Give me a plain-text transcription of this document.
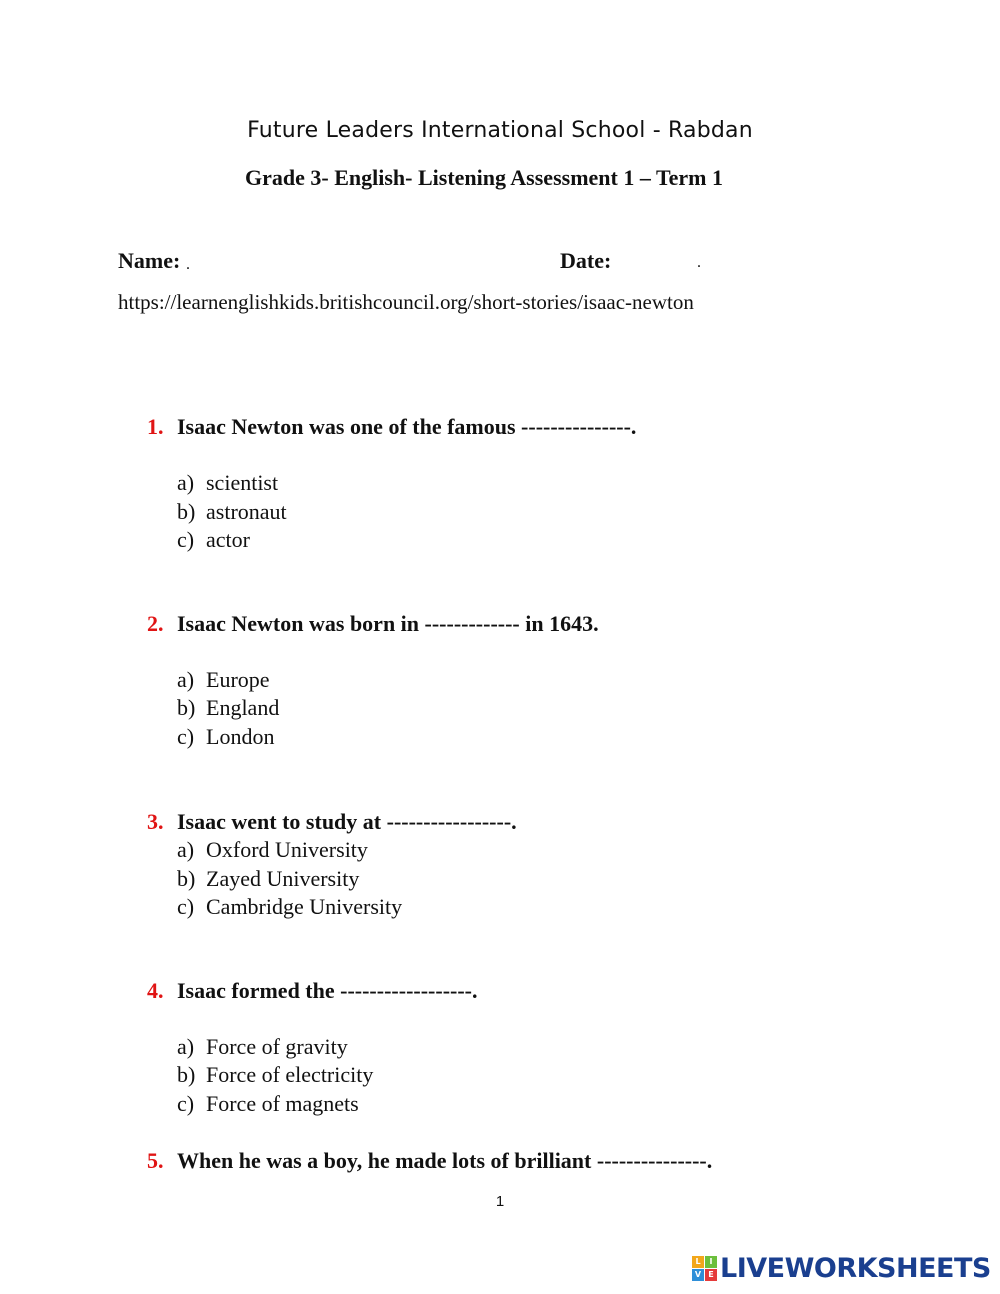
Future Leaders International School - Rabdan
Grade 3- English- Listening Assessment 1 – Term 1
Name: .	Date:	.
https://learnenglishkids.britishcouncil.org/short-stories/isaac-newton
1. Isaac Newton was one of the famous ---------------.
a) scientist
b) astronaut
c) actor
2. Isaac Newton was born in ------------- in 1643.
a) Europe
b) England
c) London
3. Isaac went to study at -----------------.
a) Oxford University
b) Zayed University
c) Cambridge University
4. Isaac formed the ------------------.
a) Force of gravity
b) Force of electricity
c) Force of magnets
5. When he was a boy, he made lots of brilliant ---------------.
1
L	I
V E LIVEWORKSHEETS
